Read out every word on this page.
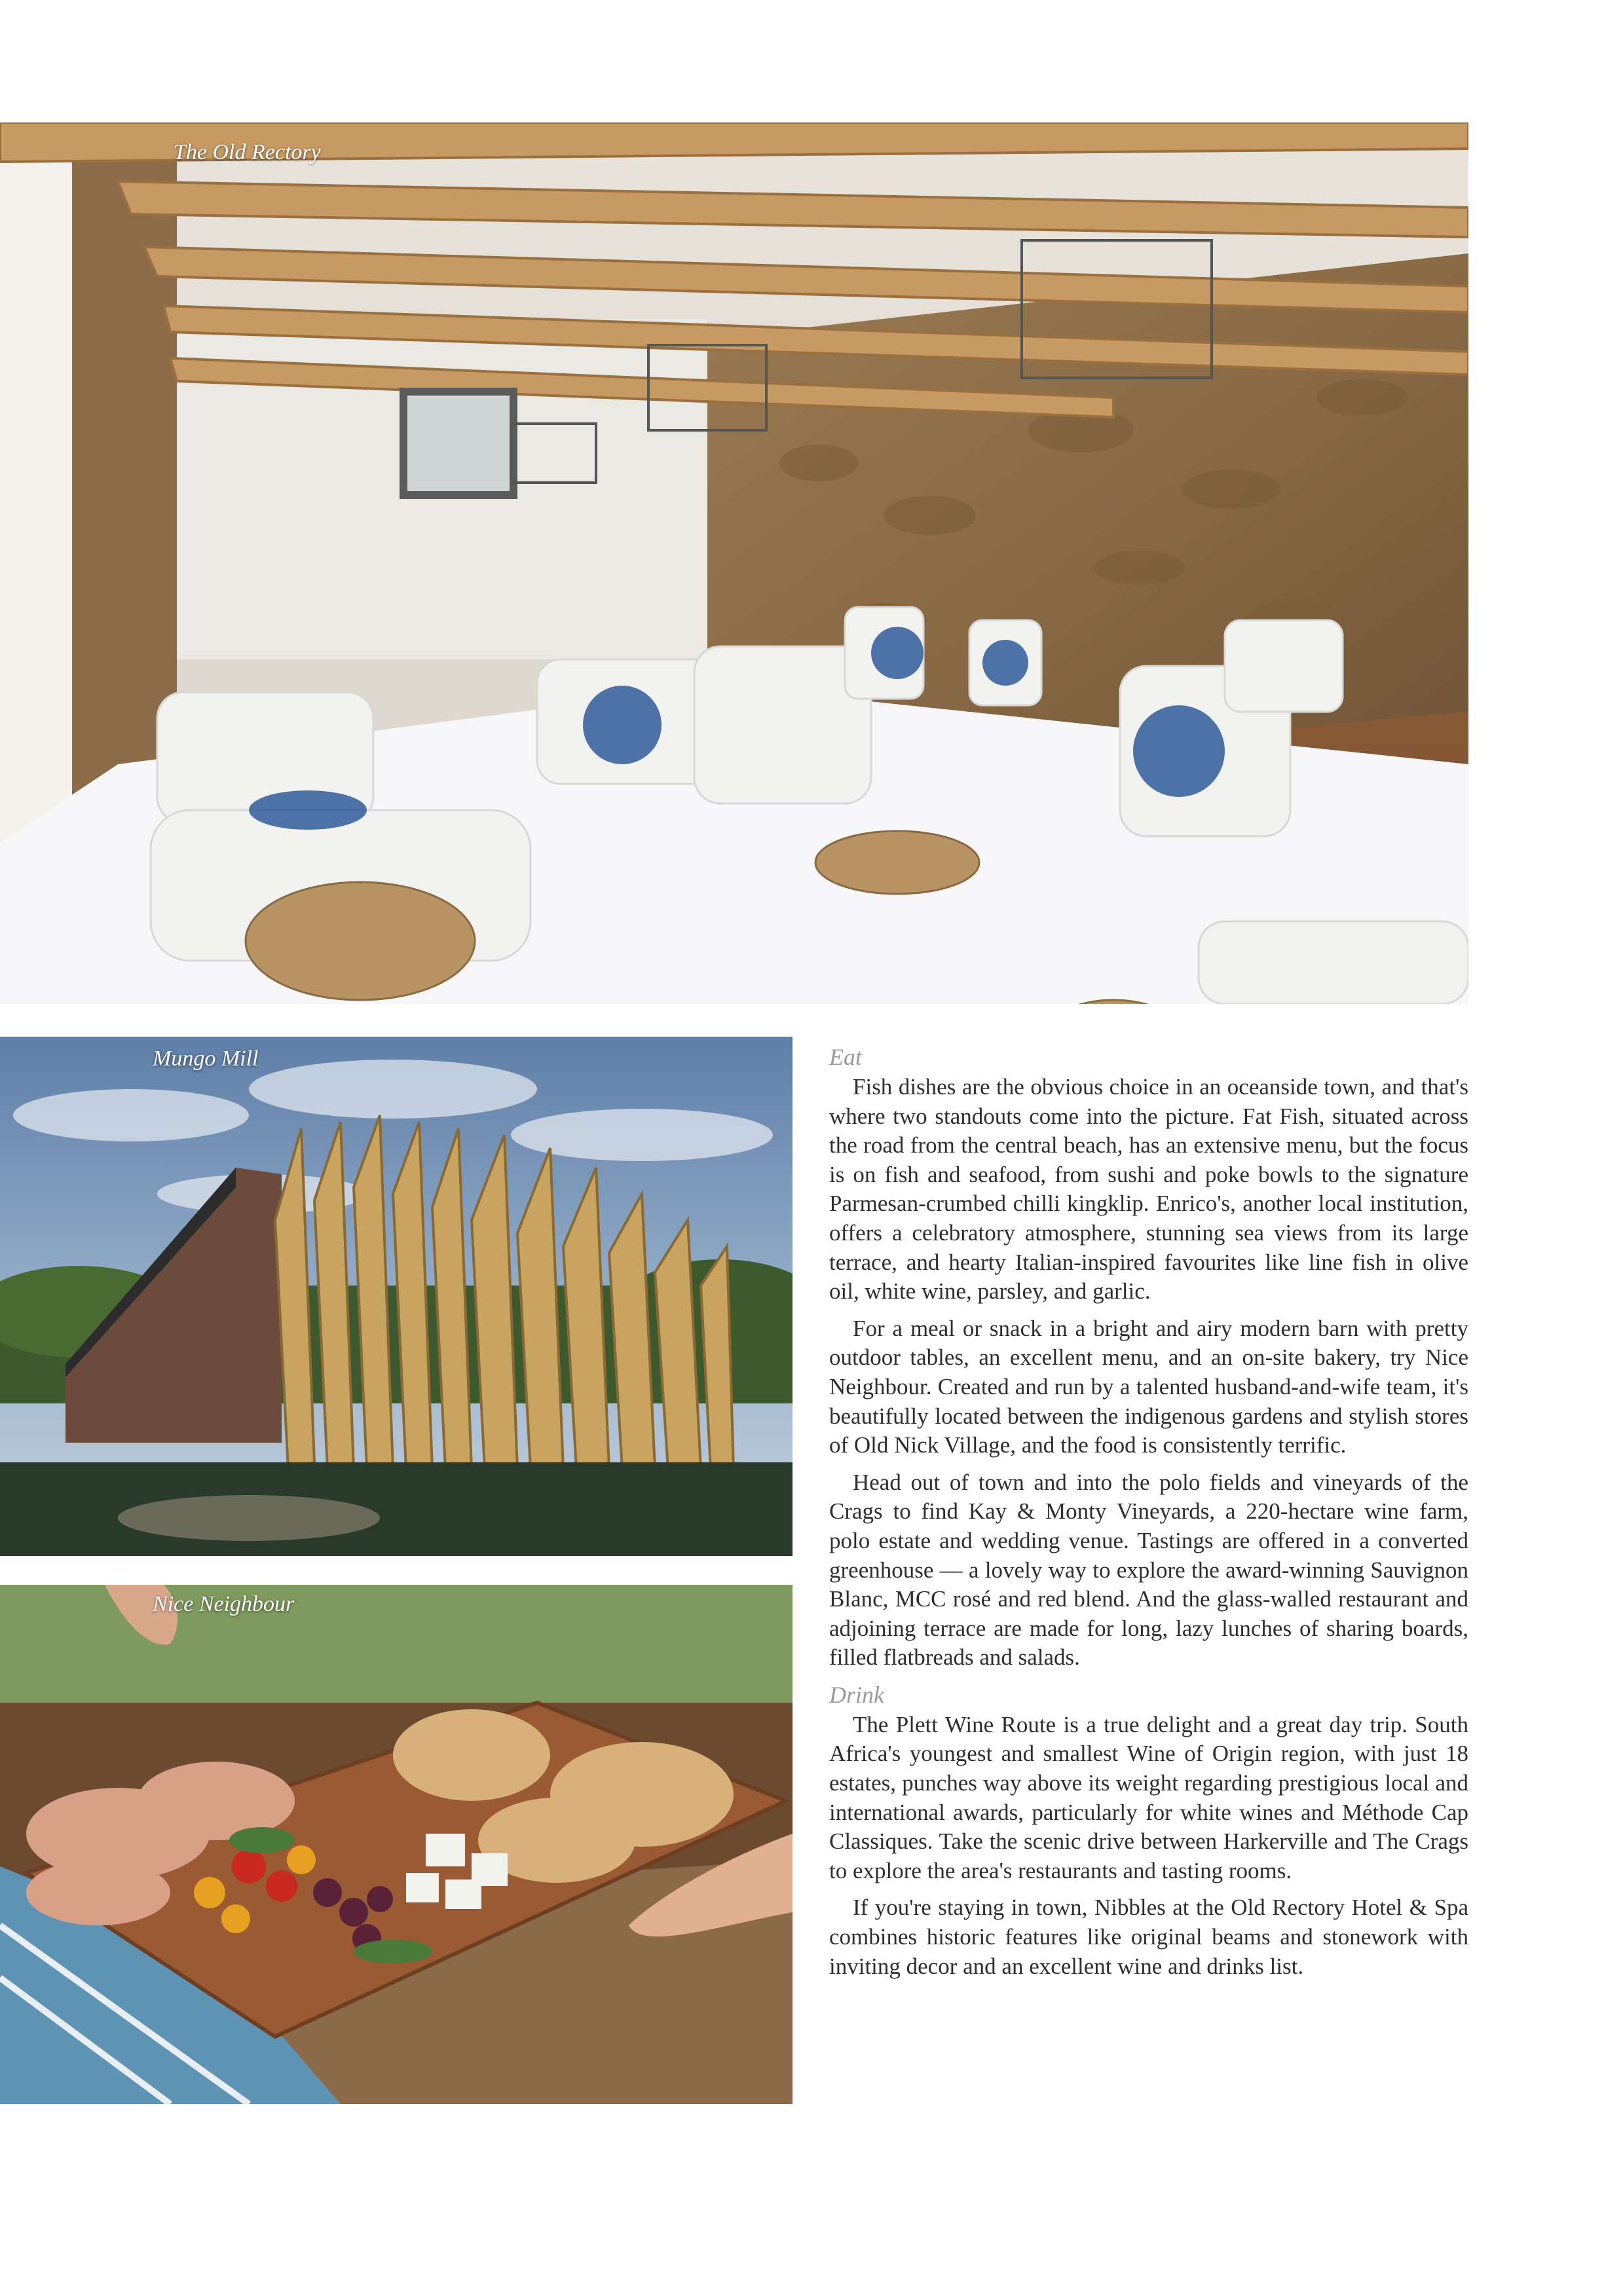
The Old Rectory
Mungo Mill
Nice Neighbour
Eat

Fish dishes are the obvious choice in an oceanside town, and that's where two standouts come into the picture. Fat Fish, situated across the road from the central beach, has an extensive menu, but the focus is on fish and seafood, from sushi and poke bowls to the signature Parmesan-crumbed chilli kingklip. Enrico's, another local institution, offers a celebratory atmosphere, stunning sea views from its large terrace, and hearty Italian-inspired favourites like line fish in olive oil, white wine, parsley, and garlic.

For a meal or snack in a bright and airy modern barn with pretty outdoor tables, an excellent menu, and an on-site bakery, try Nice Neighbour. Created and run by a talented husband-and-wife team, it's beautifully located between the indigenous gardens and stylish stores of Old Nick Village, and the food is consistently terrific.

Head out of town and into the polo fields and vineyards of the Crags to find Kay & Monty Vineyards, a 220-hectare wine farm, polo estate and wedding venue. Tastings are offered in a converted greenhouse — a lovely way to explore the award-winning Sauvignon Blanc, MCC rosé and red blend. And the glass-walled restaurant and adjoining terrace are made for long, lazy lunches of sharing boards, filled flatbreads and salads.

Drink

The Plett Wine Route is a true delight and a great day trip. South Africa's youngest and smallest Wine of Origin region, with just 18 estates, punches way above its weight regarding prestigious local and international awards, particularly for white wines and Méthode Cap Classiques. Take the scenic drive between Harkerville and The Crags to explore the area's restaurants and tasting rooms.

If you're staying in town, Nibbles at the Old Rectory Hotel & Spa combines historic features like original beams and stonework with inviting decor and an excellent wine and drinks list.
